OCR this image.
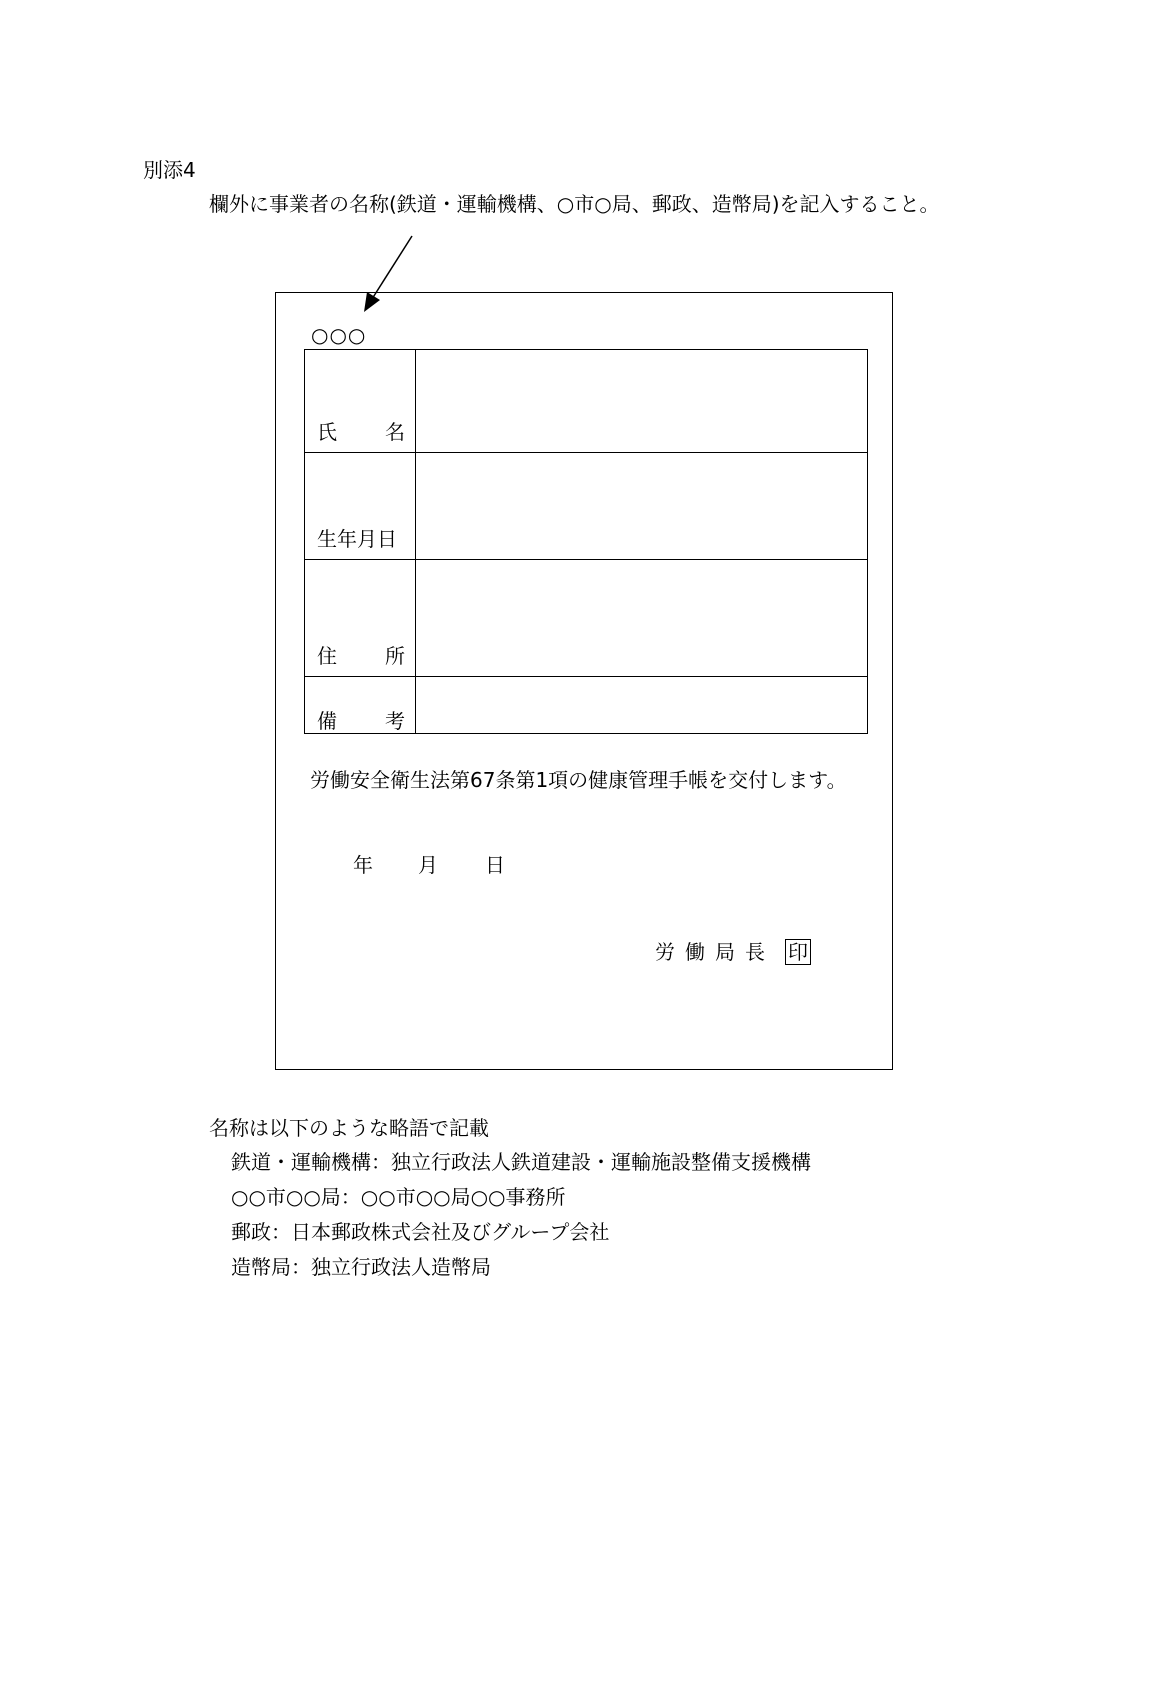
別添4
欄外に事業者の名称(鉄道・運輸機構、○市○局、郵政、造幣局)を記入すること。
○○○
氏 名	

生年月日	

住 所	

備 考	

労働安全衛生法第67条第1項の健康管理手帳を交付します。
年 月 日
労働局長 印
名称は以下のような略語で記載
鉄道・運輸機構：独立行政法人鉄道建設・運輸施設整備支援機構
○○市○○局：○○市○○局○○事務所
郵政：日本郵政株式会社及びグループ会社
造幣局：独立行政法人造幣局
